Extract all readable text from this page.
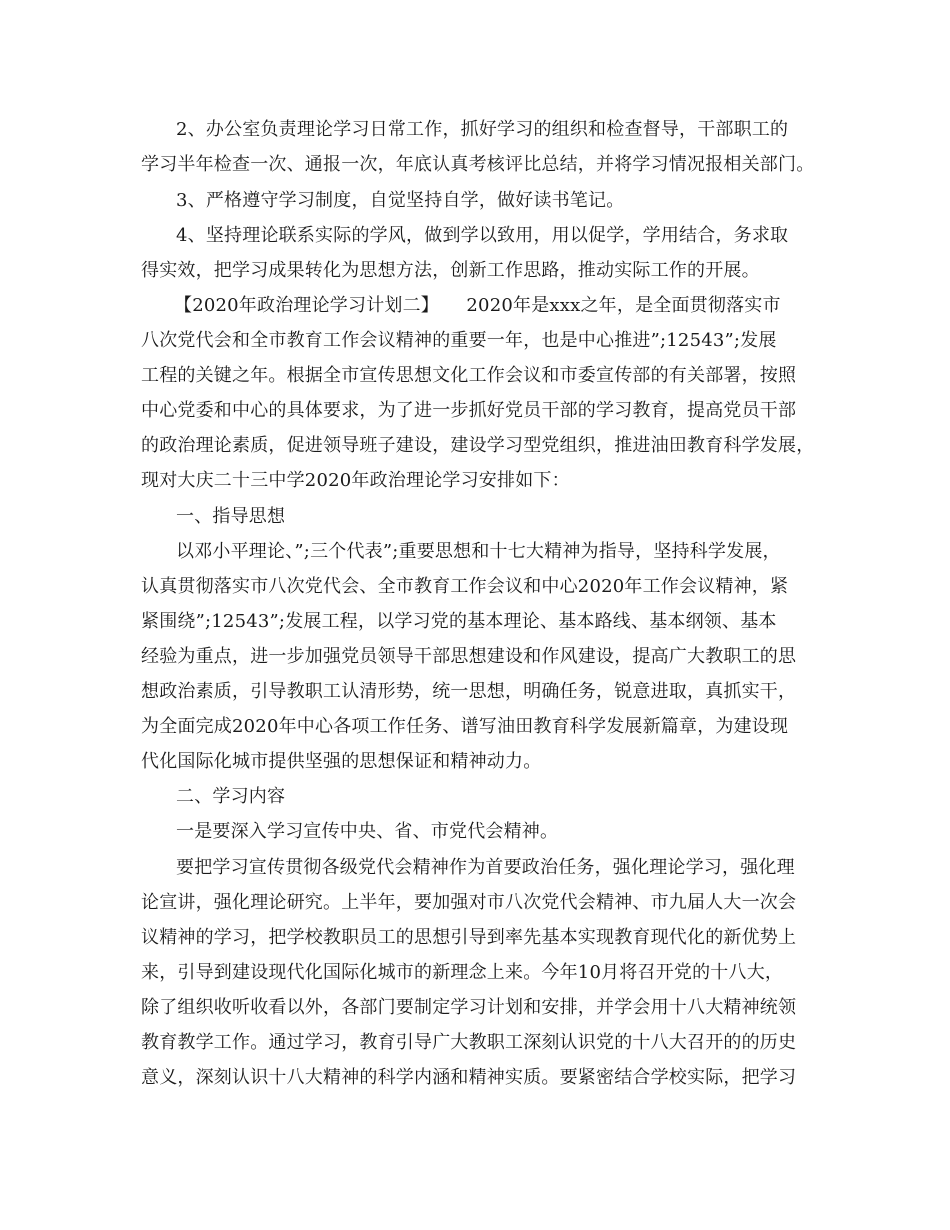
2、办公室负责理论学习日常工作，抓好学习的组织和检查督导，干部职工的
学习半年检查一次、通报一次，年底认真考核评比总结，并将学习情况报相关部门。
3、严格遵守学习制度，自觉坚持自学，做好读书笔记。
4、坚持理论联系实际的学风，做到学以致用，用以促学，学用结合，务求取
得实效，把学习成果转化为思想方法，创新工作思路，推动实际工作的开展。
【2020年政治理论学习计划二】　　2020年是xxx之年，是全面贯彻落实市
八次党代会和全市教育工作会议精神的重要一年，也是中心推进”;12543”;发展
工程的关键之年。根据全市宣传思想文化工作会议和市委宣传部的有关部署，按照
中心党委和中心的具体要求，为了进一步抓好党员干部的学习教育，提高党员干部
的政治理论素质，促进领导班子建设，建设学习型党组织，推进油田教育科学发展，
现对大庆二十三中学2020年政治理论学习安排如下：
一、指导思想
以邓小平理论、”;三个代表”;重要思想和十七大精神为指导，坚持科学发展，
认真贯彻落实市八次党代会、全市教育工作会议和中心2020年工作会议精神，紧
紧围绕”;12543”;发展工程，以学习党的基本理论、基本路线、基本纲领、基本
经验为重点，进一步加强党员领导干部思想建设和作风建设，提高广大教职工的思
想政治素质，引导教职工认清形势，统一思想，明确任务，锐意进取，真抓实干，
为全面完成2020年中心各项工作任务、谱写油田教育科学发展新篇章，为建设现
代化国际化城市提供坚强的思想保证和精神动力。
二、学习内容
一是要深入学习宣传中央、省、市党代会精神。
要把学习宣传贯彻各级党代会精神作为首要政治任务，强化理论学习，强化理
论宣讲，强化理论研究。上半年，要加强对市八次党代会精神、市九届人大一次会
议精神的学习，把学校教职员工的思想引导到率先基本实现教育现代化的新优势上
来，引导到建设现代化国际化城市的新理念上来。今年10月将召开党的十八大，
除了组织收听收看以外，各部门要制定学习计划和安排，并学会用十八大精神统领
教育教学工作。通过学习，教育引导广大教职工深刻认识党的十八大召开的的历史
意义，深刻认识十八大精神的科学内涵和精神实质。要紧密结合学校实际，把学习
